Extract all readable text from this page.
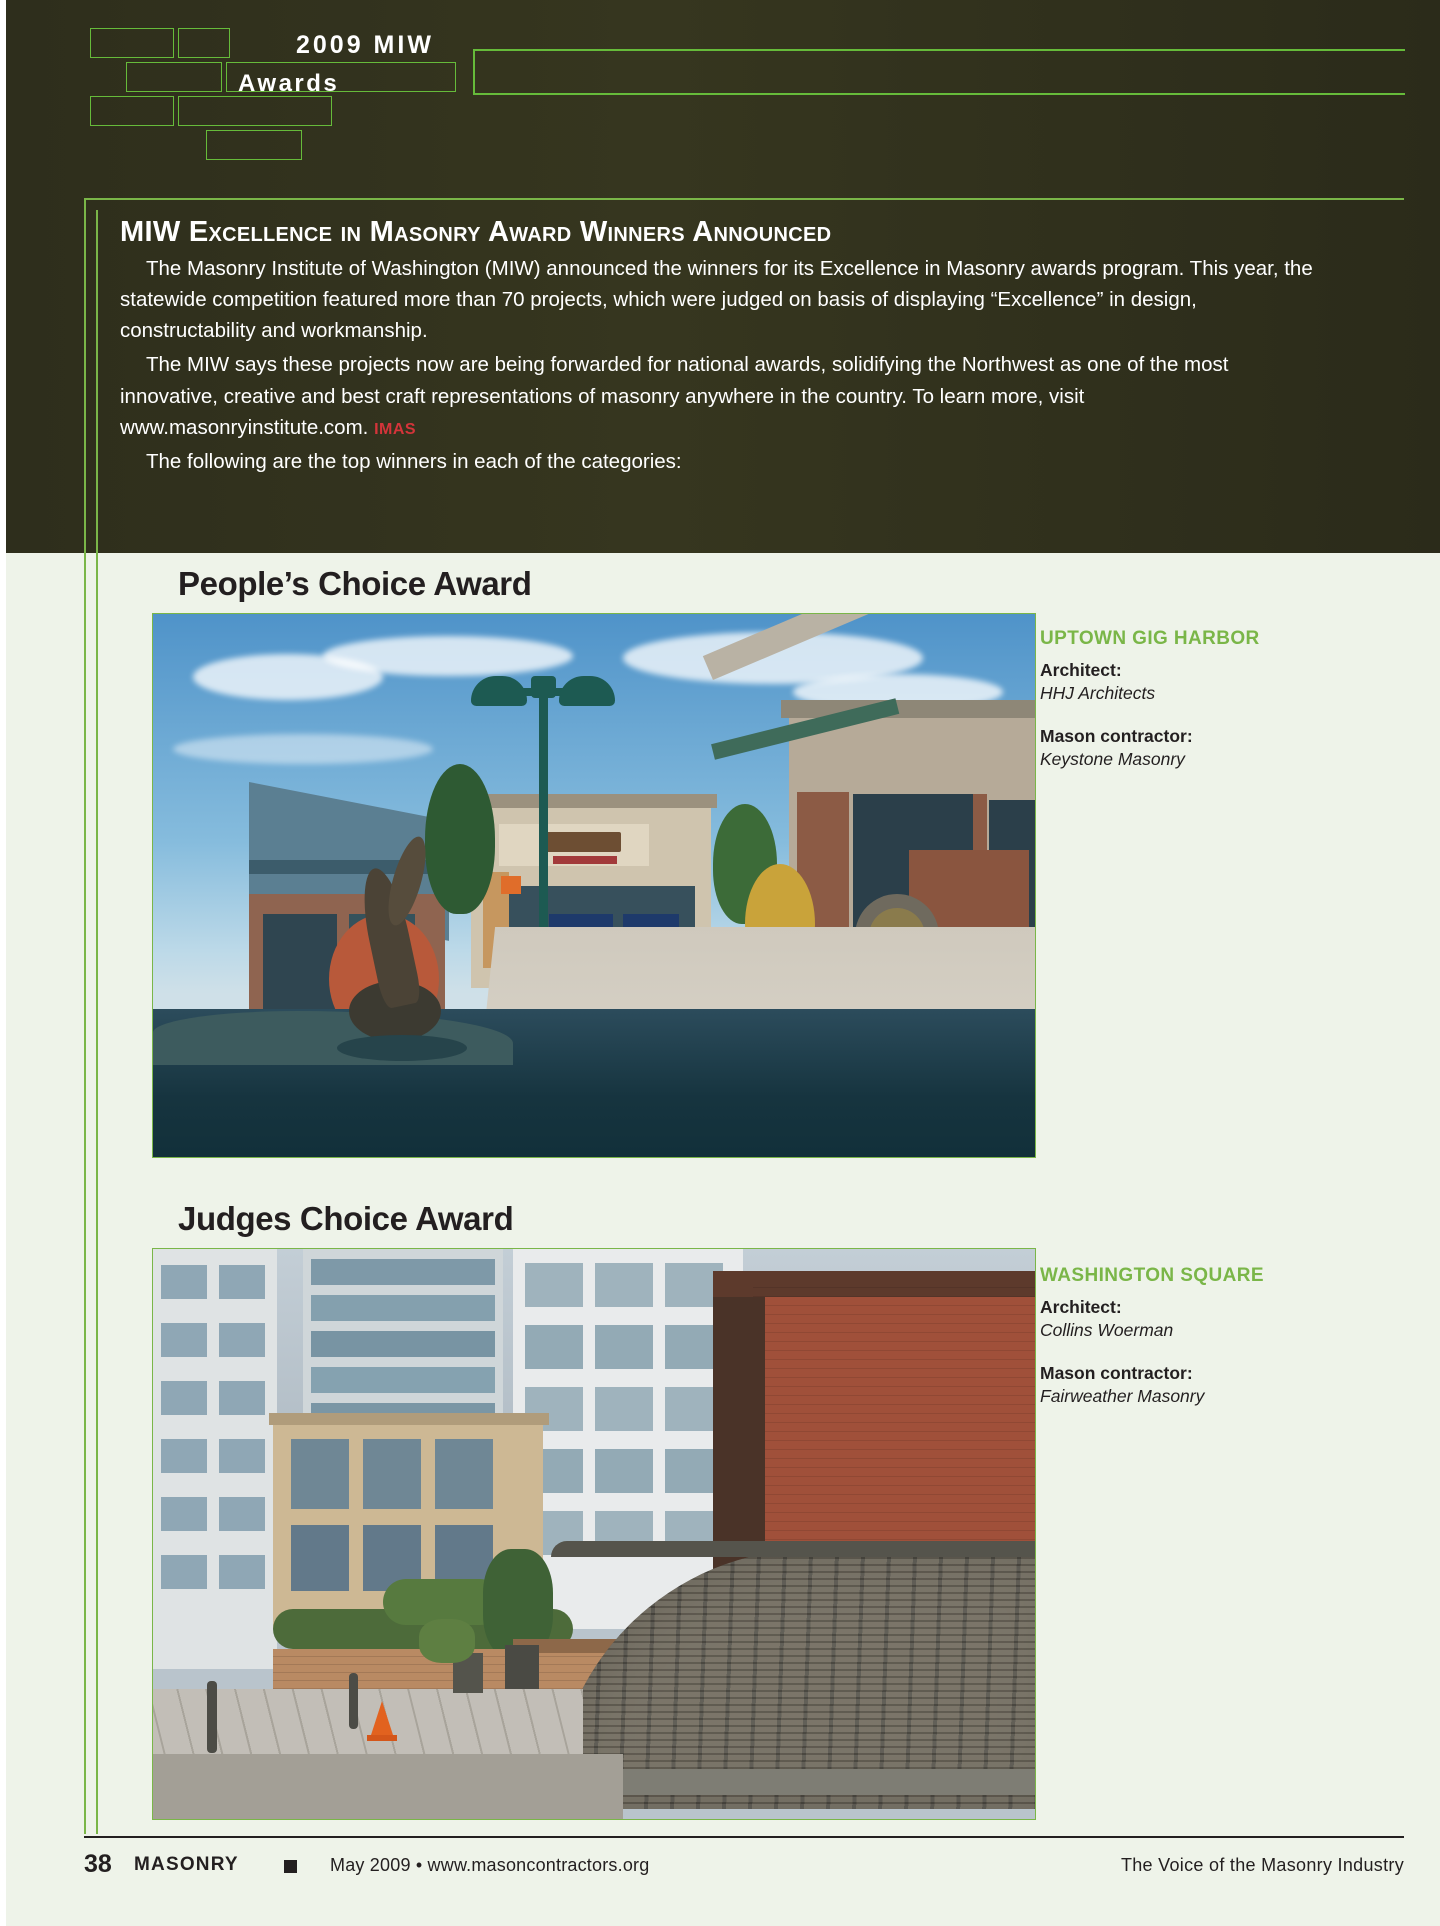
2009 MIW
Awards
MIW Excellence in Masonry Award Winners Announced

The Masonry Institute of Washington (MIW) announced the winners for its Excellence in Masonry awards program. This year, the statewide competition featured more than 70 projects, which were judged on basis of displaying “Excellence” in design, constructability and workmanship.

The MIW says these projects now are being forwarded for national awards, solidifying the Northwest as one of the most innovative, creative and best craft representations of masonry anywhere in the country. To learn more, visit www.masonryinstitute.com. IMAS

The following are the top winners in each of the categories:

People’s Choice Award

UPTOWN GIG HARBOR

Architect:

HHJ Architects

Mason contractor:

Keystone Masonry

Judges Choice Award

WASHINGTON SQUARE

Architect:

Collins Woerman

Mason contractor:

Fairweather Masonry

38 MASONRY	May 2009 • www.masoncontractors.org	The Voice of the Masonry Industry
